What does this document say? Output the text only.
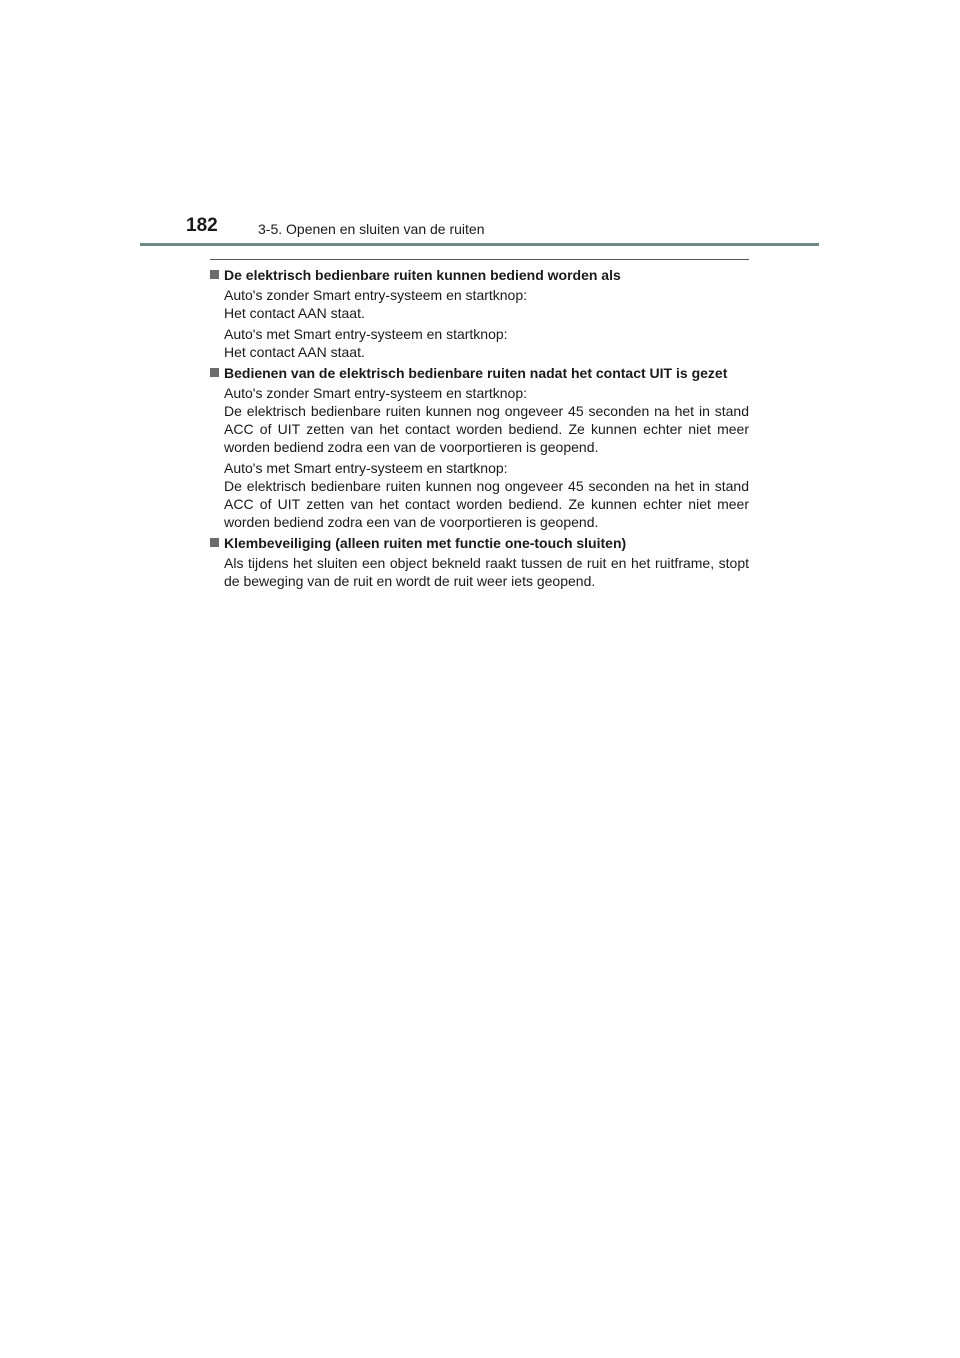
182	3-5. Openen en sluiten van de ruiten
De elektrisch bedienbare ruiten kunnen bediend worden als
Auto's zonder Smart entry-systeem en startknop:
Het contact AAN staat.
Auto's met Smart entry-systeem en startknop:
Het contact AAN staat.
Bedienen van de elektrisch bedienbare ruiten nadat het contact UIT is gezet
Auto's zonder Smart entry-systeem en startknop:
De elektrisch bedienbare ruiten kunnen nog ongeveer 45 seconden na het in stand ACC of UIT zetten van het contact worden bediend. Ze kunnen echter niet meer worden bediend zodra een van de voorportieren is geopend.
Auto's met Smart entry-systeem en startknop:
De elektrisch bedienbare ruiten kunnen nog ongeveer 45 seconden na het in stand ACC of UIT zetten van het contact worden bediend. Ze kunnen echter niet meer worden bediend zodra een van de voorportieren is geopend.
Klembeveiliging (alleen ruiten met functie one-touch sluiten)
Als tijdens het sluiten een object bekneld raakt tussen de ruit en het ruitframe, stopt de beweging van de ruit en wordt de ruit weer iets geopend.
